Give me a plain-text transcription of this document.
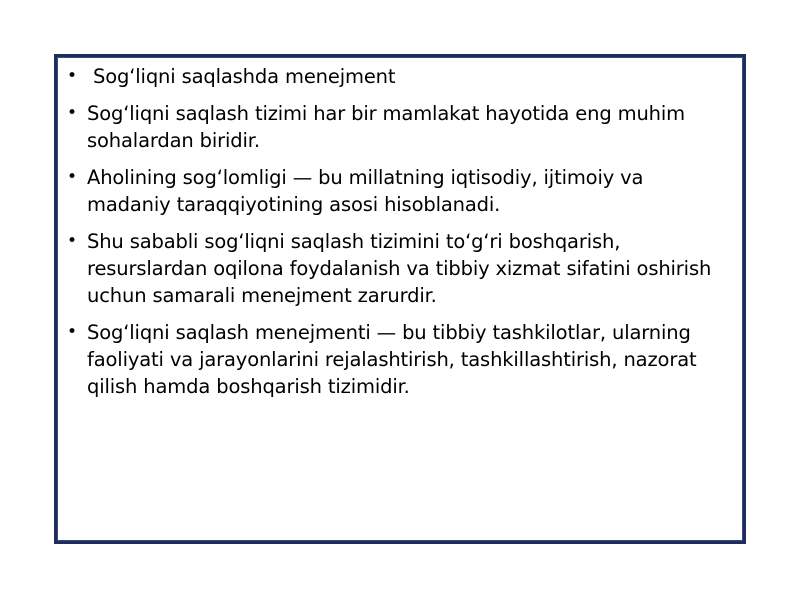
• Sog‘liqni saqlashda menejment
• Sog‘liqni saqlash tizimi har bir mamlakat hayotida eng muhim sohalardan biridir.
• Aholining sog‘lomligi — bu millatning iqtisodiy, ijtimoiy va madaniy taraqqiyotining asosi hisoblanadi.
• Shu sababli sog‘liqni saqlash tizimini to‘g‘ri boshqarish, resurslardan oqilona foydalanish va tibbiy xizmat sifatini oshirish uchun samarali menejment zarurdir.
• Sog‘liqni saqlash menejmenti — bu tibbiy tashkilotlar, ularning faoliyati va jarayonlarini rejalashtirish, tashkillashtirish, nazorat qilish hamda boshqarish tizimidir.
